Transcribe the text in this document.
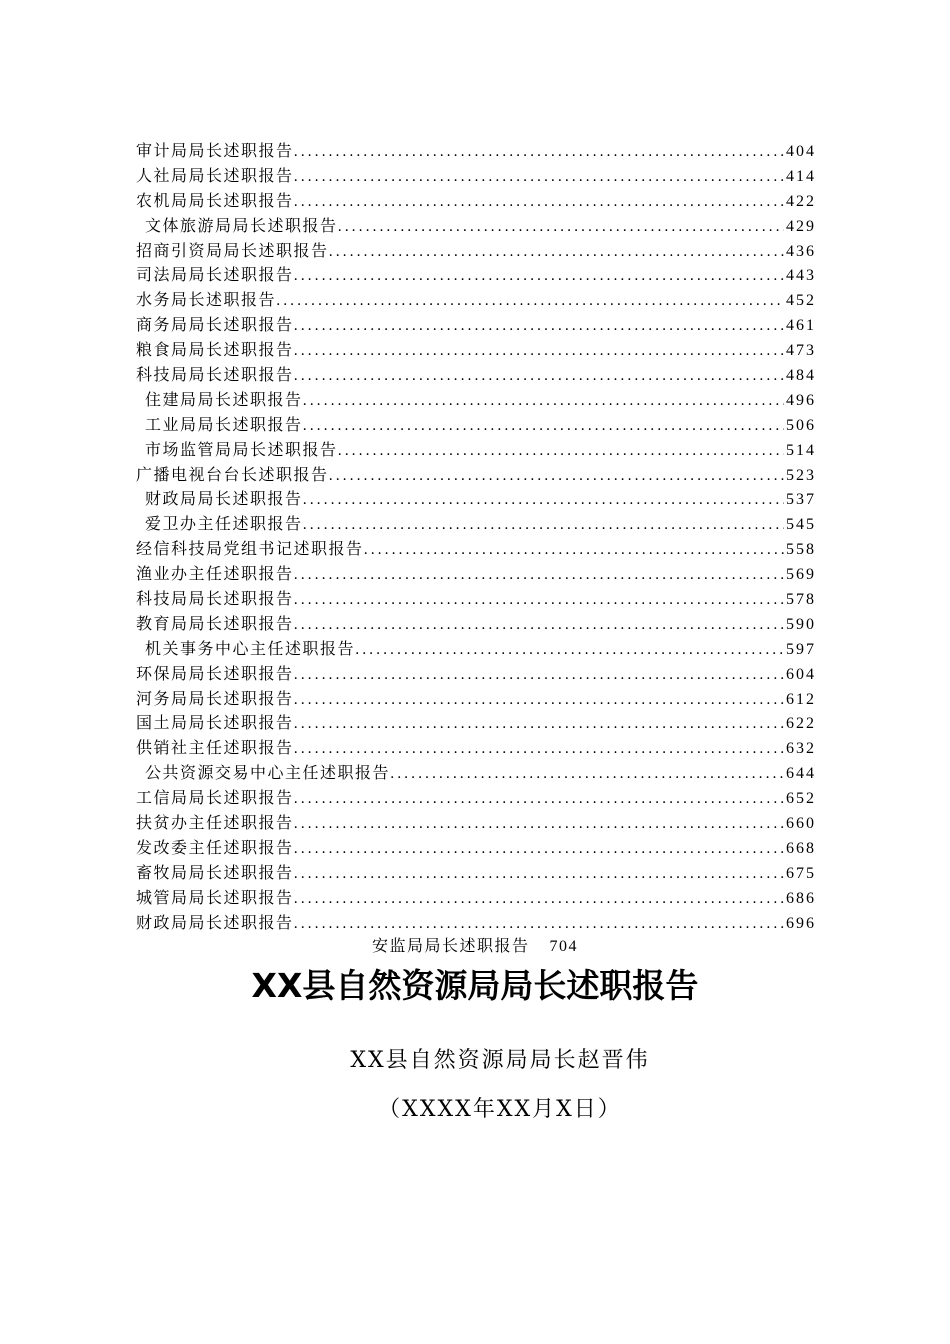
审计局局长述职报告 .....	404
人社局局长述职报告 .....	414
农机局局长述职报告 .....	422
文体旅游局局长述职报告 .....	429
招商引资局局长述职报告 .....	436
司法局局长述职报告 .....	443
水务局长述职报告 .....	452
商务局局长述职报告 .....	461
粮食局局长述职报告 .....	473
科技局局长述职报告 .....	484
住建局局长述职报告 .....	496
工业局局长述职报告 .....	506
市场监管局局长述职报告 .....	514
广播电视台台长述职报告 .....	523
财政局局长述职报告 .....	537
爱卫办主任述职报告 .....	545
经信科技局党组书记述职报告 .....	558
渔业办主任述职报告 .....	569
科技局局长述职报告 .....	578
教育局局长述职报告 .....	590
机关事务中心主任述职报告 .....	597
环保局局长述职报告 .....	604
河务局局长述职报告 .....	612
国土局局长述职报告 .....	622
供销社主任述职报告 .....	632
公共资源交易中心主任述职报告 .....	644
工信局局长述职报告 .....	652
扶贫办主任述职报告 .....	660
发改委主任述职报告 .....	668
畜牧局局长述职报告 .....	675
城管局局长述职报告 .....	686
财政局局长述职报告 .....	696
安监局局长述职报告 704
XX县自然资源局局长述职报告
XX县自然资源局局长赵晋伟
（XXXX年XX月X日）
